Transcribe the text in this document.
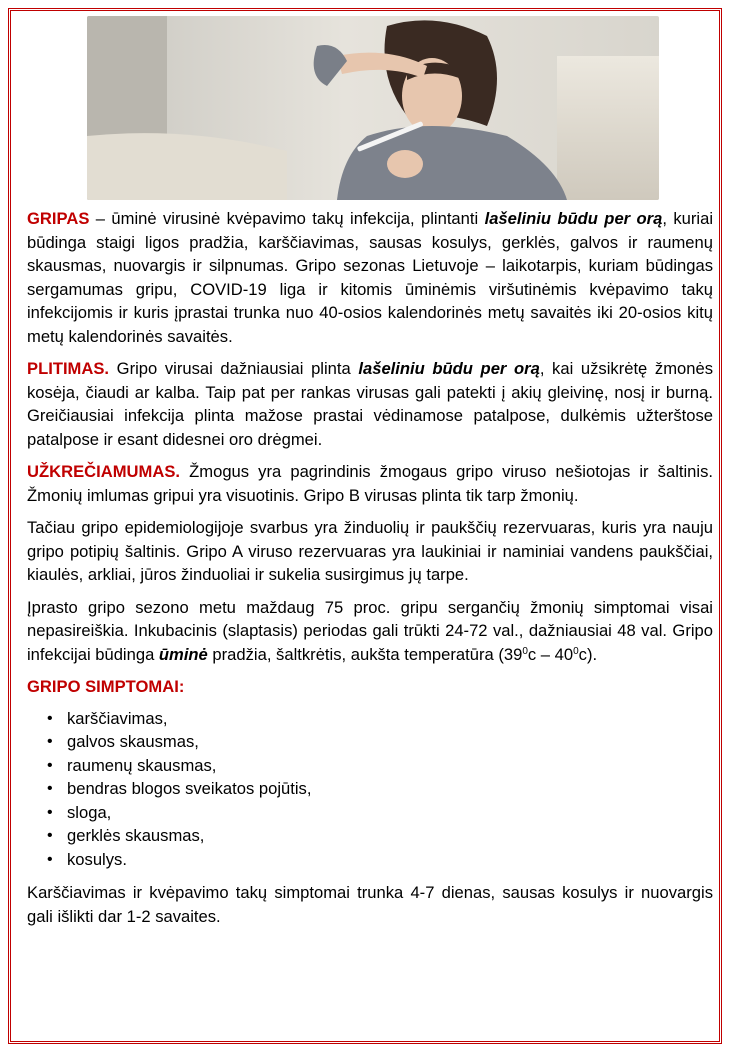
GRIPAS – ūminė virusinė kvėpavimo takų infekcija, plintanti lašeliniu būdu per orą, kuriai būdinga staigi ligos pradžia, karščiavimas, sausas kosulys, gerklės, galvos ir raumenų skausmas, nuovargis ir silpnumas. Gripo sezonas Lietuvoje – laikotarpis, kuriam būdingas sergamumas gripu, COVID-19 liga ir kitomis ūminėmis viršutinėmis kvėpavimo takų infekcijomis ir kuris įprastai trunka nuo 40-osios kalendorinės metų savaitės iki 20-osios kitų metų kalendorinės savaitės.

PLITIMAS. Gripo virusai dažniausiai plinta lašeliniu būdu per orą, kai užsikrėtę žmonės kosėja, čiaudi ar kalba. Taip pat per rankas virusas gali patekti į akių gleivinę, nosį ir burną. Greičiausiai infekcija plinta mažose prastai vėdinamose patalpose, dulkėmis užterštose patalpose ir esant didesnei oro drėgmei.

UŽKREČIAMUMAS. Žmogus yra pagrindinis žmogaus gripo viruso nešiotojas ir šaltinis. Žmonių imlumas gripui yra visuotinis. Gripo B virusas plinta tik tarp žmonių.

Tačiau gripo epidemiologijoje svarbus yra žinduolių ir paukščių rezervuaras, kuris yra nauju gripo potipių šaltinis. Gripo A viruso rezervuaras yra laukiniai ir naminiai vandens paukščiai, kiaulės, arkliai, jūros žinduoliai ir sukelia susirgimus jų tarpe.

Įprasto gripo sezono metu maždaug 75 proc. gripu sergančių žmonių simptomai visai nepasireiškia. Inkubacinis (slaptasis) periodas gali trūkti 24-72 val., dažniausiai 48 val. Gripo infekcijai būdinga ūminė pradžia, šaltkrėtis, aukšta temperatūra $(39^0c - 40^0c)$.

GRIPO SIMPTOMAI:
• karščiavimas,
• galvos skausmas,
• raumenų skausmas,
• bendras blogos sveikatos pojūtis,
• sloga,
• gerklės skausmas,
• kosulys.

Karščiavimas ir kvėpavimo takų simptomai trunka 4-7 dienas, sausas kosulys ir nuovargis gali išlikti dar 1-2 savaites.
